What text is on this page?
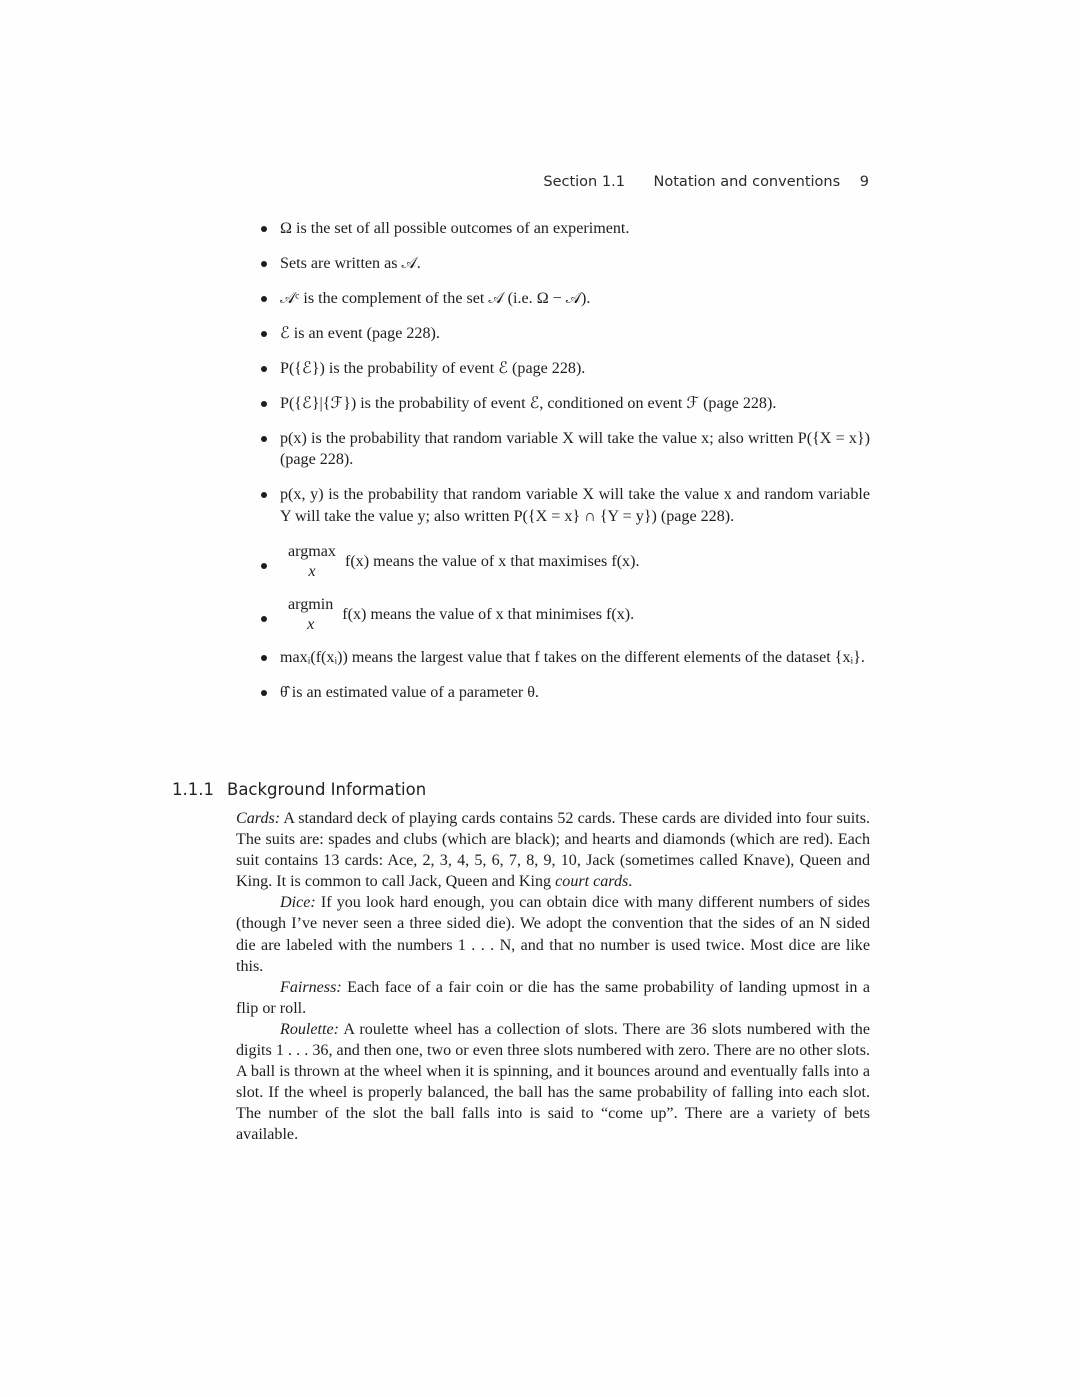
Section 1.1 Notation and conventions 9
Ω is the set of all possible outcomes of an experiment.
Sets are written as 𝒜.
𝒜ᶜ is the complement of the set 𝒜 (i.e. Ω − 𝒜).
ℰ is an event (page 228).
P({ℰ}) is the probability of event ℰ (page 228).
P({ℰ}|{ℱ}) is the probability of event ℰ, conditioned on event ℱ (page 228).
p(x) is the probability that random variable X will take the value x; also written P({X = x}) (page 228).
p(x, y) is the probability that random variable X will take the value x and random variable Y will take the value y; also written P({X = x} ∩ {Y = y}) (page 228).
argmax
x
f(x) means the value of x that maximises f(x).
argmin
x
f(x) means the value of x that minimises f(x).
maxᵢ(f(xᵢ)) means the largest value that f takes on the different elements of the dataset {xᵢ}.
θ̂ is an estimated value of a parameter θ.
1.1.1 Background Information

Cards: A standard deck of playing cards contains 52 cards. These cards are divided into four suits. The suits are: spades and clubs (which are black); and hearts and diamonds (which are red). Each suit contains 13 cards: Ace, 2, 3, 4, 5, 6, 7, 8, 9, 10, Jack (sometimes called Knave), Queen and King. It is common to call Jack, Queen and King court cards.

Dice: If you look hard enough, you can obtain dice with many different numbers of sides (though I’ve never seen a three sided die). We adopt the convention that the sides of an N sided die are labeled with the numbers 1 . . . N, and that no number is used twice. Most dice are like this.

Fairness: Each face of a fair coin or die has the same probability of landing upmost in a flip or roll.

Roulette: A roulette wheel has a collection of slots. There are 36 slots numbered with the digits 1 . . . 36, and then one, two or even three slots numbered with zero. There are no other slots. A ball is thrown at the wheel when it is spinning, and it bounces around and eventually falls into a slot. If the wheel is properly balanced, the ball has the same probability of falling into each slot. The number of the slot the ball falls into is said to “come up”. There are a variety of bets available.
